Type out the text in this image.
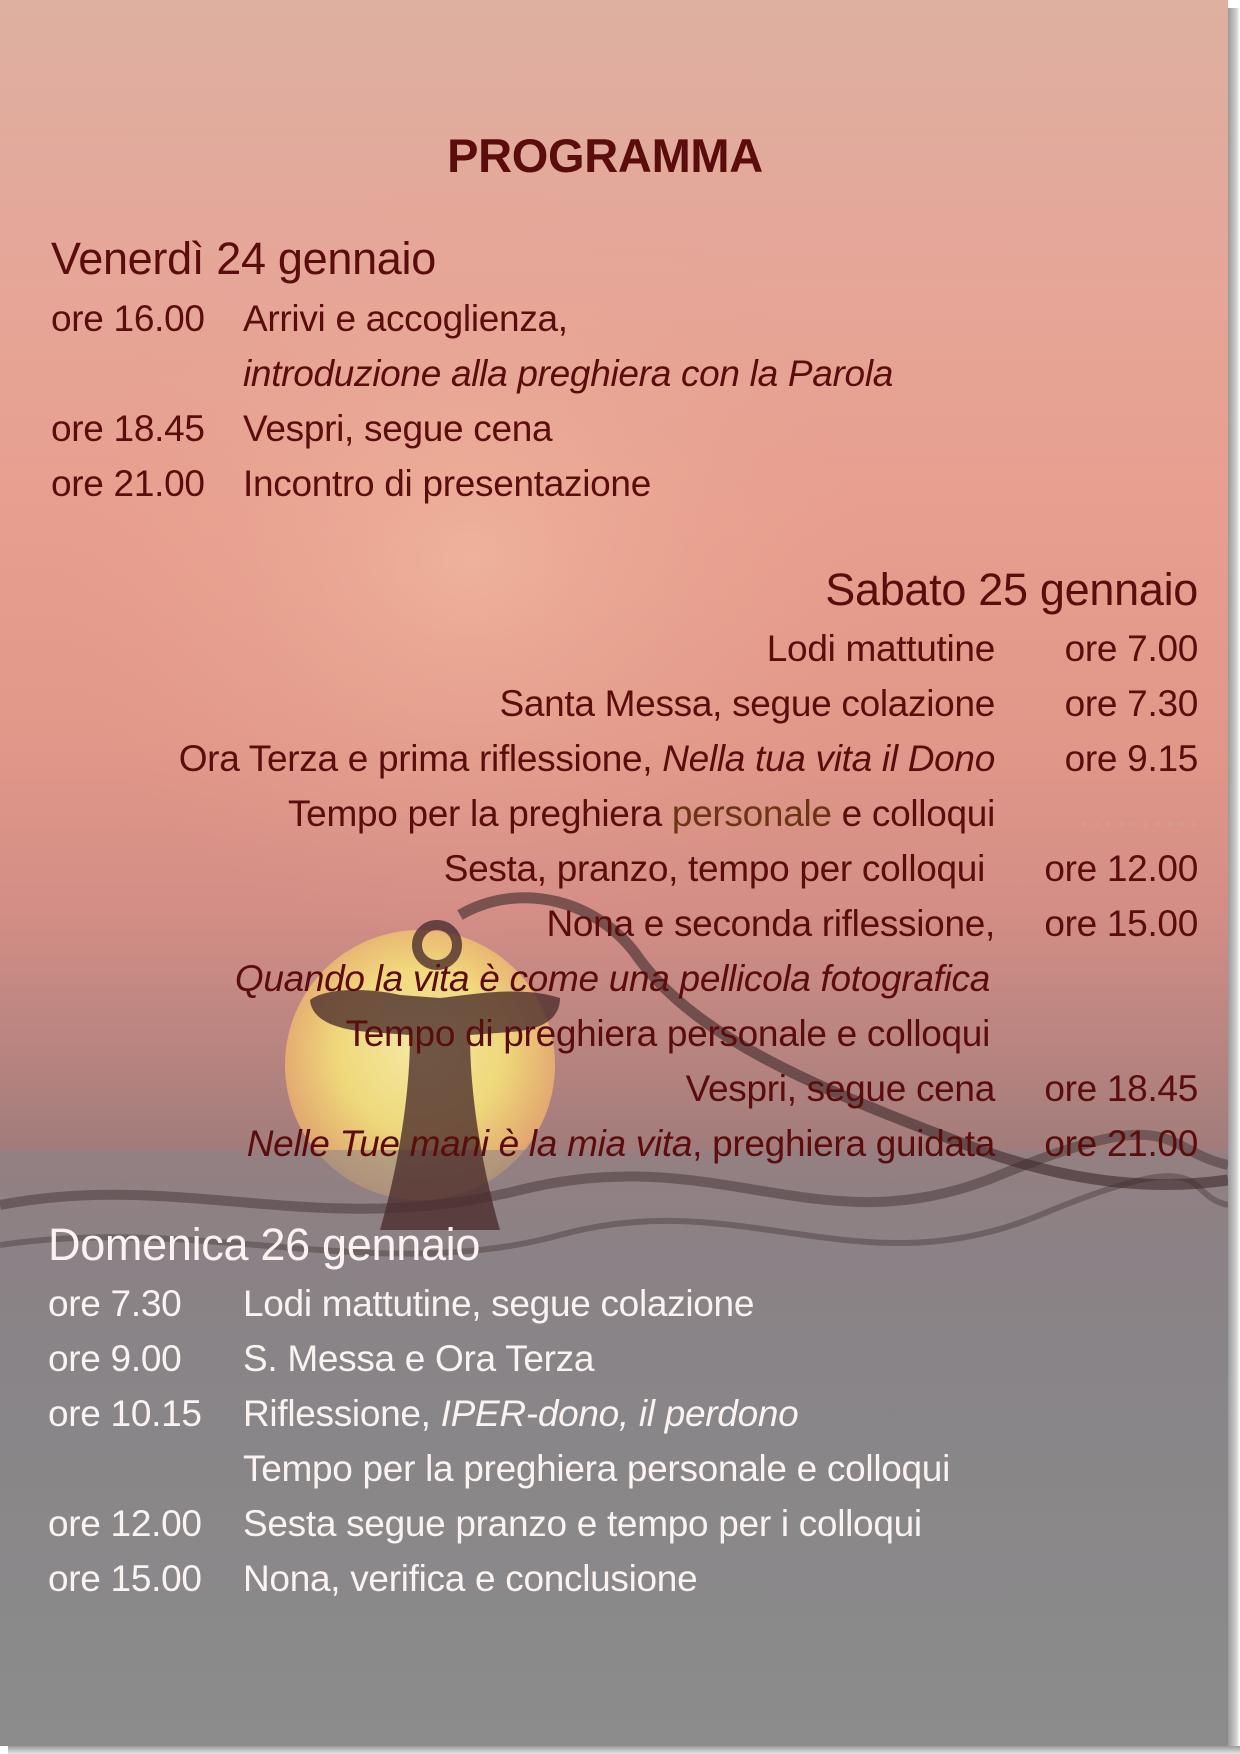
PROGRAMMA
Venerdì 24 gennaio
ore 16.00 Arrivi e accoglienza,
introduzione alla preghiera con la Parola
ore 18.45 Vespri, segue cena
ore 21.00 Incontro di presentazione
Sabato 25 gennaio
Lodi mattutine	ore 7.00
Santa Messa, segue colazione	ore 7.30
Ora Terza e prima riflessione, Nella tua vita il Dono	ore 9.15
Tempo per la preghiera personale e colloqui	……….
Sesta, pranzo, tempo per colloqui	ore 12.00
Nona e seconda riflessione,	ore 15.00
Quando la vita è come una pellicola fotografica
Tempo di preghiera personale e colloqui
Vespri, segue cena	ore 18.45
Nelle Tue mani è la mia vita, preghiera guidata	ore 21.00
Domenica 26 gennaio
ore 7.30 Lodi mattutine, segue colazione
ore 9.00 S. Messa e Ora Terza
ore 10.15 Riflessione, IPER-dono, il perdono
Tempo per la preghiera personale e colloqui
ore 12.00 Sesta segue pranzo e tempo per i colloqui
ore 15.00 Nona, verifica e conclusione
